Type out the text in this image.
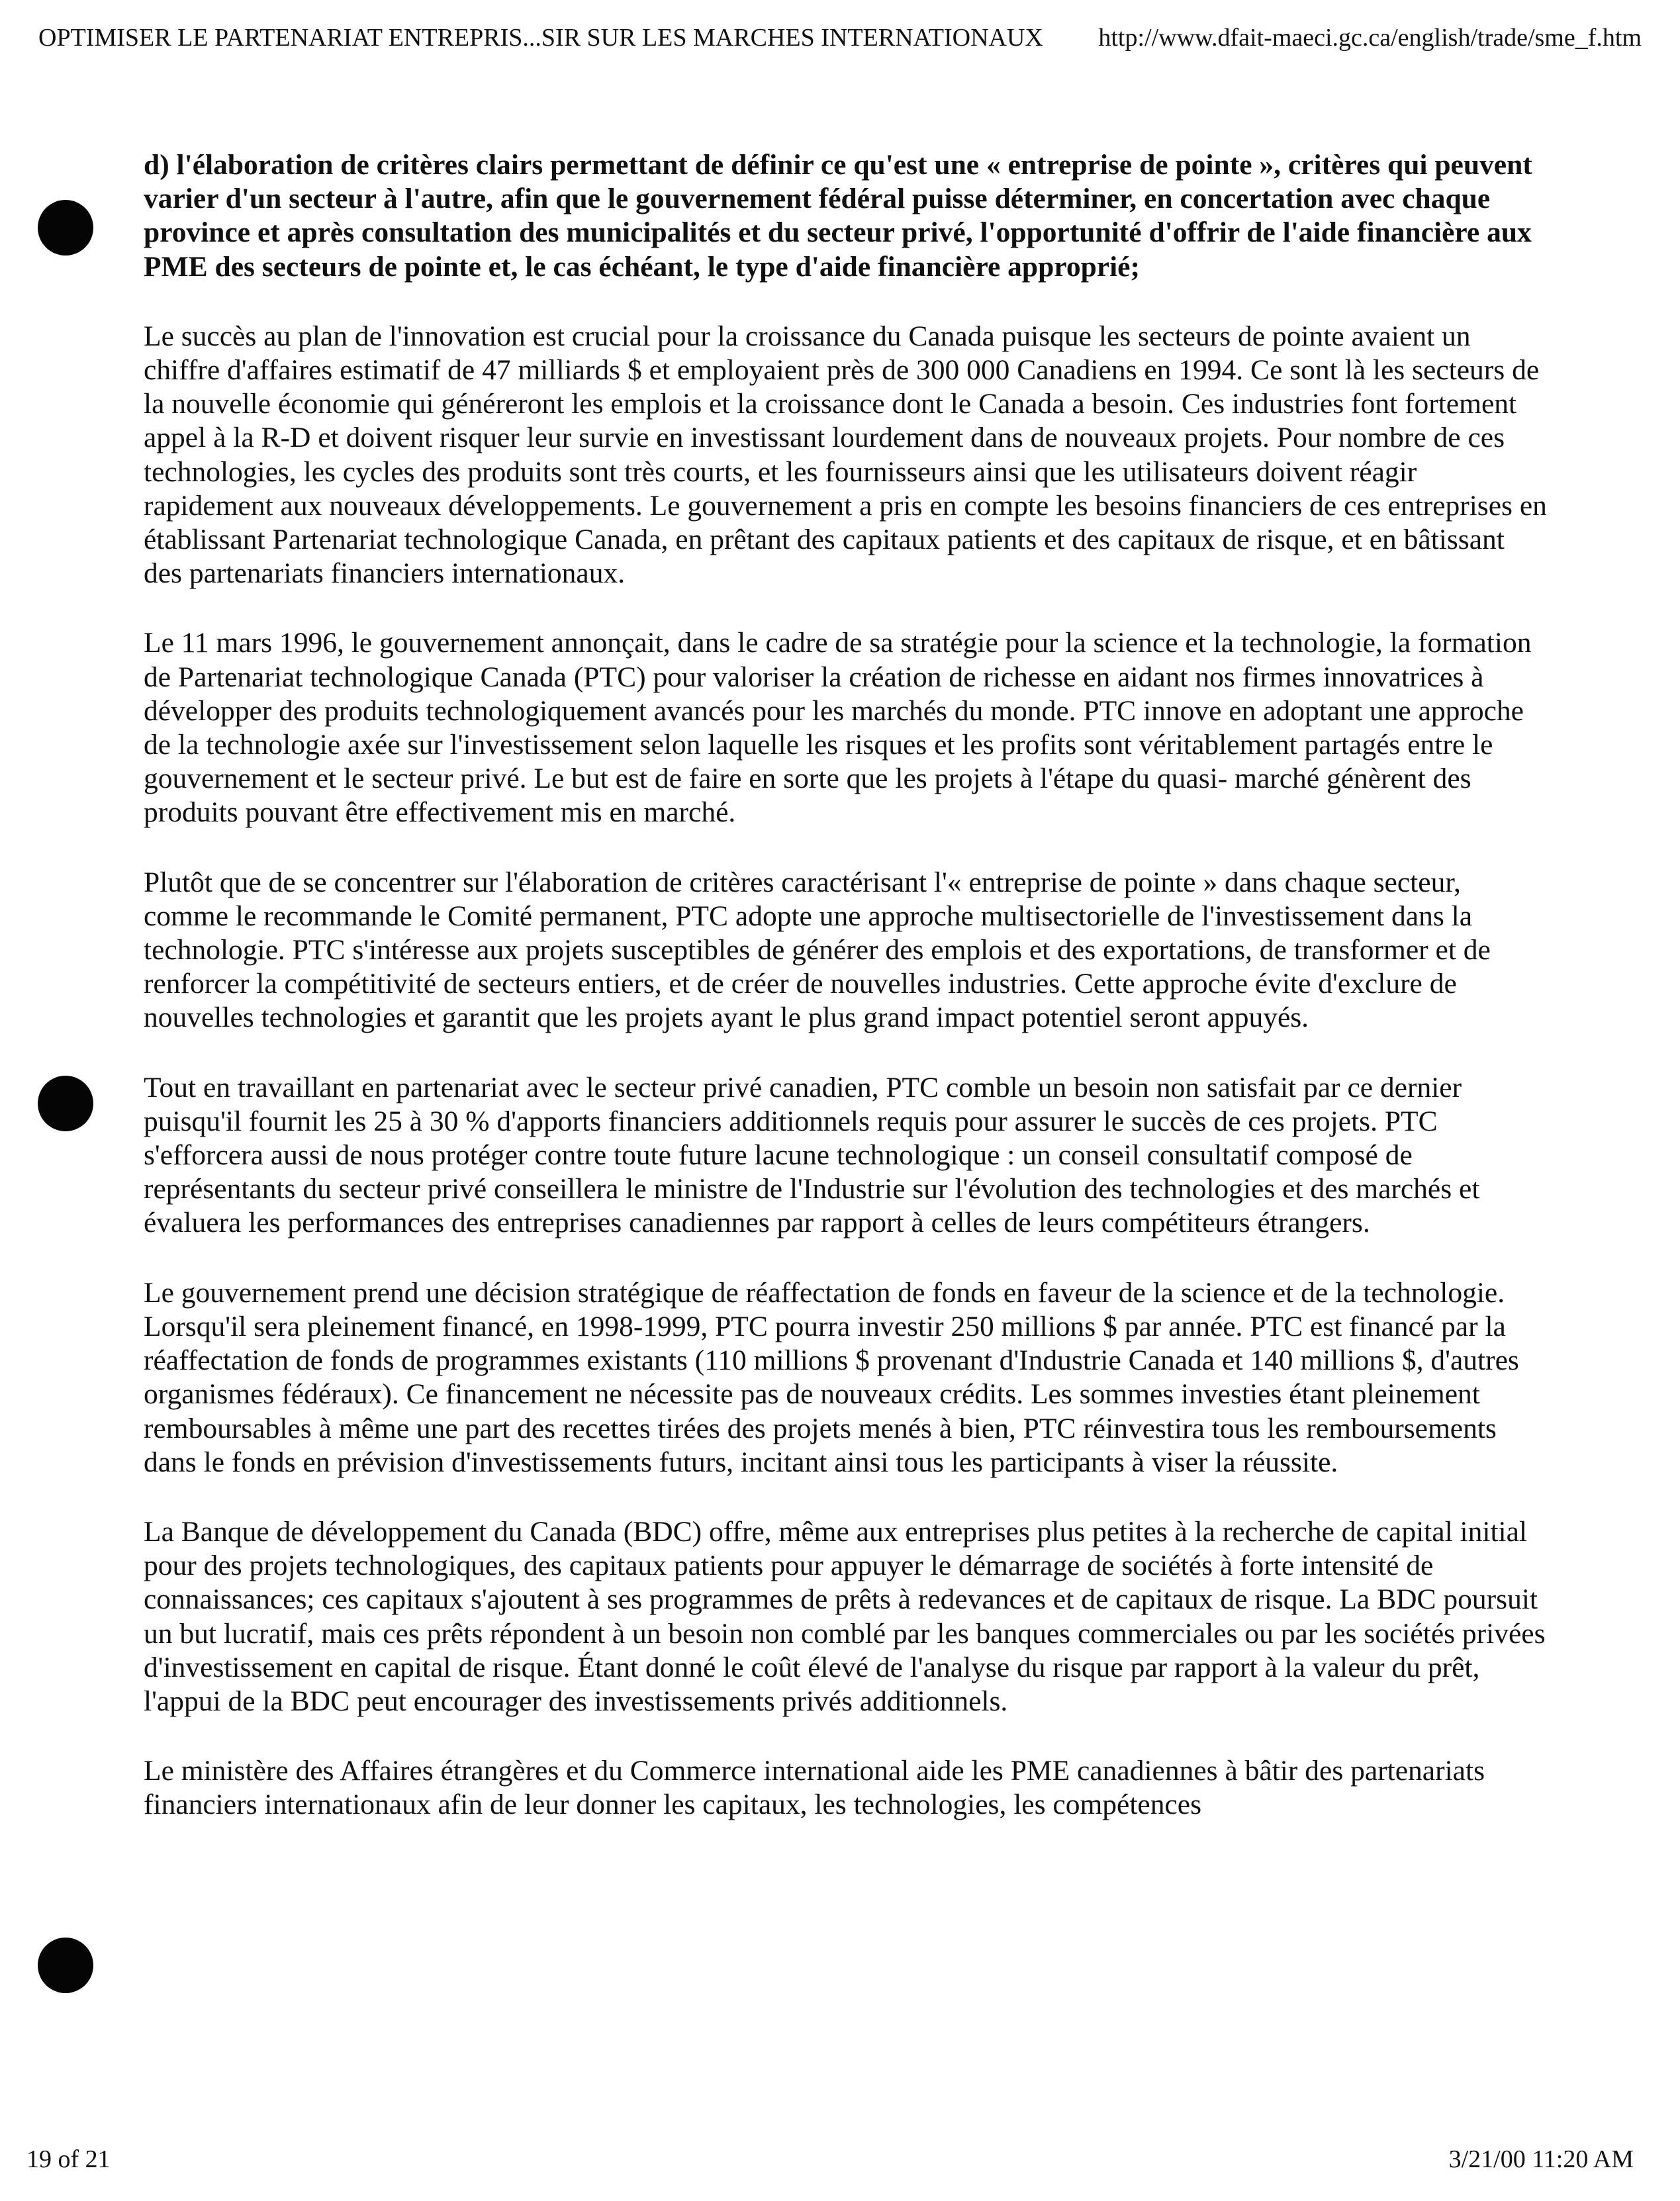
OPTIMISER LE PARTENARIAT ENTREPRIS...SIR SUR LES MARCHES INTERNATIONAUX http://www.dfait-maeci.gc.ca/english/trade/sme_f.htm

d) l'élaboration de critères clairs permettant de définir ce qu'est une « entreprise de pointe », critères qui peuvent varier d'un secteur à l'autre, afin que le gouvernement fédéral puisse déterminer, en concertation avec chaque province et après consultation des municipalités et du secteur privé, l'opportunité d'offrir de l'aide financière aux PME des secteurs de pointe et, le cas échéant, le type d'aide financière approprié;

Le succès au plan de l'innovation est crucial pour la croissance du Canada puisque les secteurs de pointe avaient un chiffre d'affaires estimatif de 47 milliards $ et employaient près de 300 000 Canadiens en 1994. Ce sont là les secteurs de la nouvelle économie qui généreront les emplois et la croissance dont le Canada a besoin. Ces industries font fortement appel à la R-D et doivent risquer leur survie en investissant lourdement dans de nouveaux projets. Pour nombre de ces technologies, les cycles des produits sont très courts, et les fournisseurs ainsi que les utilisateurs doivent réagir rapidement aux nouveaux développements. Le gouvernement a pris en compte les besoins financiers de ces entreprises en établissant Partenariat technologique Canada, en prêtant des capitaux patients et des capitaux de risque, et en bâtissant des partenariats financiers internationaux.

Le 11 mars 1996, le gouvernement annonçait, dans le cadre de sa stratégie pour la science et la technologie, la formation de Partenariat technologique Canada (PTC) pour valoriser la création de richesse en aidant nos firmes innovatrices à développer des produits technologiquement avancés pour les marchés du monde. PTC innove en adoptant une approche de la technologie axée sur l'investissement selon laquelle les risques et les profits sont véritablement partagés entre le gouvernement et le secteur privé. Le but est de faire en sorte que les projets à l'étape du quasi- marché génèrent des produits pouvant être effectivement mis en marché.

Plutôt que de se concentrer sur l'élaboration de critères caractérisant l'« entreprise de pointe » dans chaque secteur, comme le recommande le Comité permanent, PTC adopte une approche multisectorielle de l'investissement dans la technologie. PTC s'intéresse aux projets susceptibles de générer des emplois et des exportations, de transformer et de renforcer la compétitivité de secteurs entiers, et de créer de nouvelles industries. Cette approche évite d'exclure de nouvelles technologies et garantit que les projets ayant le plus grand impact potentiel seront appuyés.

Tout en travaillant en partenariat avec le secteur privé canadien, PTC comble un besoin non satisfait par ce dernier puisqu'il fournit les 25 à 30 % d'apports financiers additionnels requis pour assurer le succès de ces projets. PTC s'efforcera aussi de nous protéger contre toute future lacune technologique : un conseil consultatif composé de représentants du secteur privé conseillera le ministre de l'Industrie sur l'évolution des technologies et des marchés et évaluera les performances des entreprises canadiennes par rapport à celles de leurs compétiteurs étrangers.

Le gouvernement prend une décision stratégique de réaffectation de fonds en faveur de la science et de la technologie. Lorsqu'il sera pleinement financé, en 1998-1999, PTC pourra investir 250 millions $ par année. PTC est financé par la réaffectation de fonds de programmes existants (110 millions $ provenant d'Industrie Canada et 140 millions $, d'autres organismes fédéraux). Ce financement ne nécessite pas de nouveaux crédits. Les sommes investies étant pleinement remboursables à même une part des recettes tirées des projets menés à bien, PTC réinvestira tous les remboursements dans le fonds en prévision d'investissements futurs, incitant ainsi tous les participants à viser la réussite.

La Banque de développement du Canada (BDC) offre, même aux entreprises plus petites à la recherche de capital initial pour des projets technologiques, des capitaux patients pour appuyer le démarrage de sociétés à forte intensité de connaissances; ces capitaux s'ajoutent à ses programmes de prêts à redevances et de capitaux de risque. La BDC poursuit un but lucratif, mais ces prêts répondent à un besoin non comblé par les banques commerciales ou par les sociétés privées d'investissement en capital de risque. Étant donné le coût élevé de l'analyse du risque par rapport à la valeur du prêt, l'appui de la BDC peut encourager des investissements privés additionnels.

Le ministère des Affaires étrangères et du Commerce international aide les PME canadiennes à bâtir des partenariats financiers internationaux afin de leur donner les capitaux, les technologies, les compétences

19 of 21	3/21/00 11:20 AM
